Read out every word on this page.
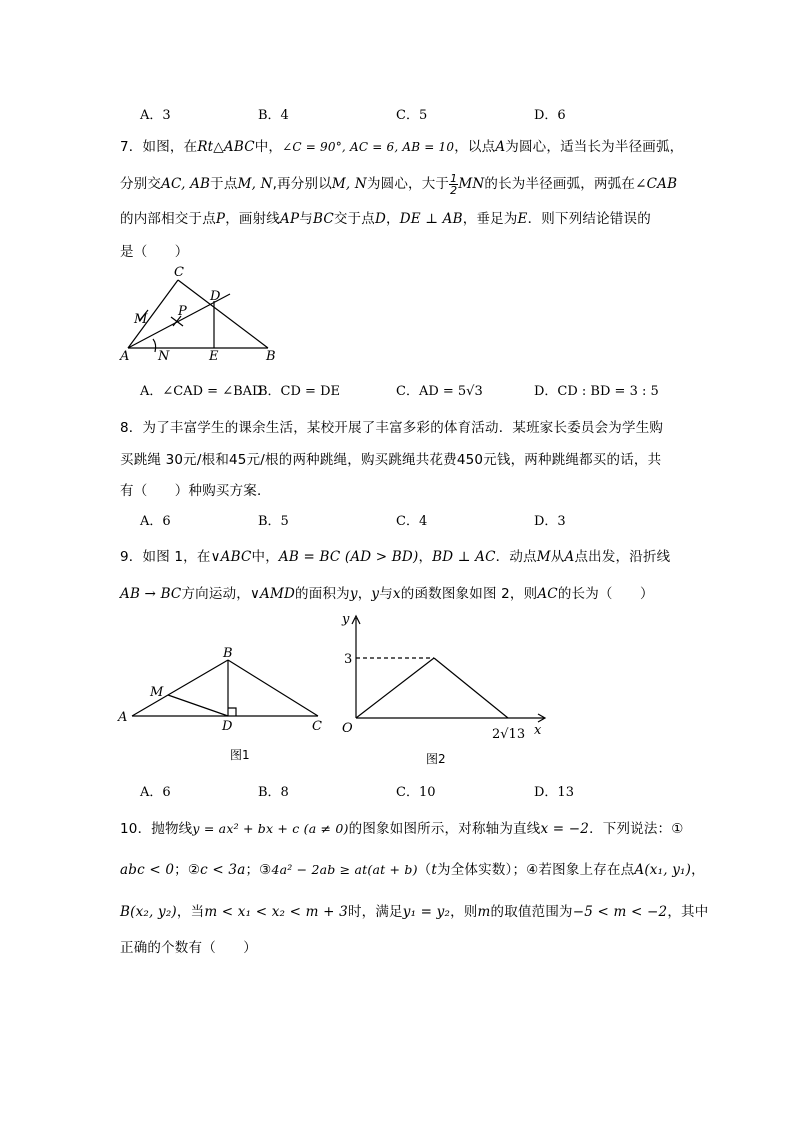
A．3	B．4	C．5	D．6
7．如图，在Rt△ABC中，∠C = 90°, AC = 6, AB = 10，以点A为圆心，适当长为半径画弧，
分别交AC, AB于点M, N,再分别以M, N为圆心，大于 $\frac{1}{2}$ MN的长为半径画弧，两弧在∠CAB
的内部相交于点P，画射线AP与BC交于点D，DE ⊥ AB，垂足为E．则下列结论错误的
是（　　）
C
D
M
P
A N	E	B
A．∠CAD = ∠BAD
B．CD = DE	C．AD = 5√3	D．CD : BD = 3 : 5
8．为了丰富学生的课余生活，某校开展了丰富多彩的体育活动．某班家长委员会为学生购
买跳绳 30元/根和45元/根的两种跳绳，购买跳绳共花费450元钱，两种跳绳都买的话，共
有（　　）种购买方案．
A．6	B．5	C．4	D．3
9．如图 1，在∨ABC中，AB = BC (AD > BD)，BD ⊥ AC．动点M从A点出发，沿折线
AB → BC方向运动，∨AMD的面积为y，y与x的函数图象如图 2，则AC的长为（　　）
B
M
A
D	C
图1
y
3
O	x
2√13
图2
A．6	B．8	C．10	D．13
10．抛物线y = ax² + bx + c (a ≠ 0)的图象如图所示，对称轴为直线x = −2．下列说法：①
abc < 0；②c < 3a；③4a² − 2ab ≥ at(at + b)（t为全体实数）；④若图象上存在点A(x₁, y₁)，
B(x₂, y₂)，当m < x₁ < x₂ < m + 3时，满足y₁ = y₂，则m的取值范围为−5 < m < −2，其中
正确的个数有（　　）
